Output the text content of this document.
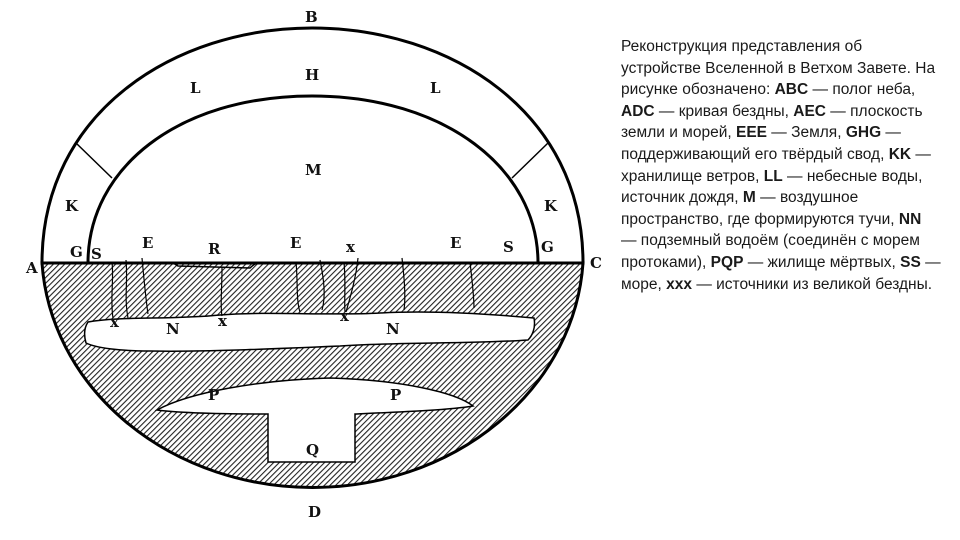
B
L
H
L
M
K	K
G S
E	R	E	x	E	S G
A	C
x	N	x	x
N
P	P
Q
D
Реконструкция представления об устройстве Вселенной в Ветхом Завете. На рисунке обозначено: ABC — полог неба, ADC — кривая бездны, AEC — плоскость земли и морей, EEE — Земля, GHG — поддерживающий его твёрдый свод, KK — хранилище ветров, LL — небесные воды, источник дождя, M — воздушное пространство, где формируются тучи, NN — подземный водоём (соединён с морем протоками), PQP — жилище мёртвых, SS — море, xxx — источники из великой бездны.
